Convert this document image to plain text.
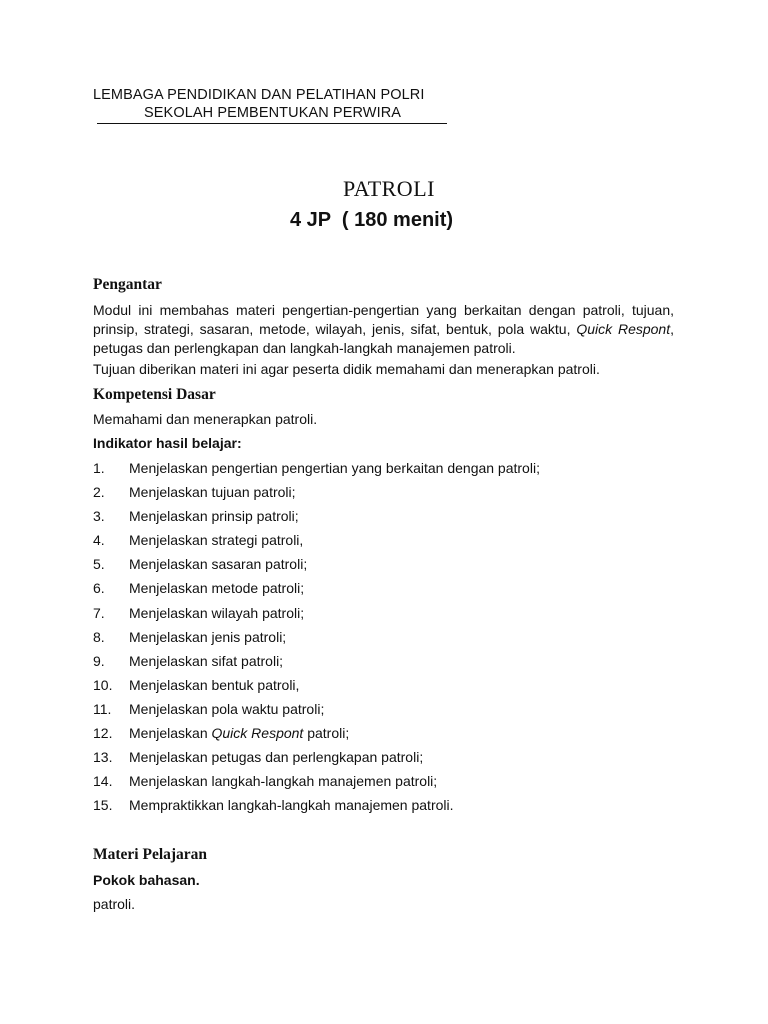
LEMBAGA PENDIDIKAN DAN PELATIHAN POLRI
SEKOLAH PEMBENTUKAN PERWIRA
PATROLI
4 JP  ( 180 menit)
Pengantar
Modul ini membahas materi pengertian-pengertian yang berkaitan dengan patroli, tujuan, prinsip, strategi, sasaran, metode, wilayah, jenis, sifat, bentuk, pola waktu, Quick Respont, petugas dan perlengkapan dan langkah-langkah manajemen patroli.
Tujuan diberikan materi ini agar peserta didik memahami dan menerapkan patroli.
Kompetensi Dasar
Memahami dan menerapkan patroli.
Indikator hasil belajar:
1. Menjelaskan pengertian pengertian yang berkaitan dengan patroli;
2. Menjelaskan tujuan patroli;
3. Menjelaskan prinsip patroli;
4. Menjelaskan strategi patroli,
5. Menjelaskan sasaran patroli;
6. Menjelaskan metode patroli;
7. Menjelaskan wilayah patroli;
8. Menjelaskan jenis patroli;
9. Menjelaskan sifat patroli;
10. Menjelaskan bentuk patroli,
11. Menjelaskan pola waktu patroli;
12. Menjelaskan Quick Respont patroli;
13. Menjelaskan petugas dan perlengkapan patroli;
14. Menjelaskan langkah-langkah manajemen patroli;
15. Mempraktikkan langkah-langkah manajemen patroli.
Materi Pelajaran
Pokok bahasan.
patroli.
